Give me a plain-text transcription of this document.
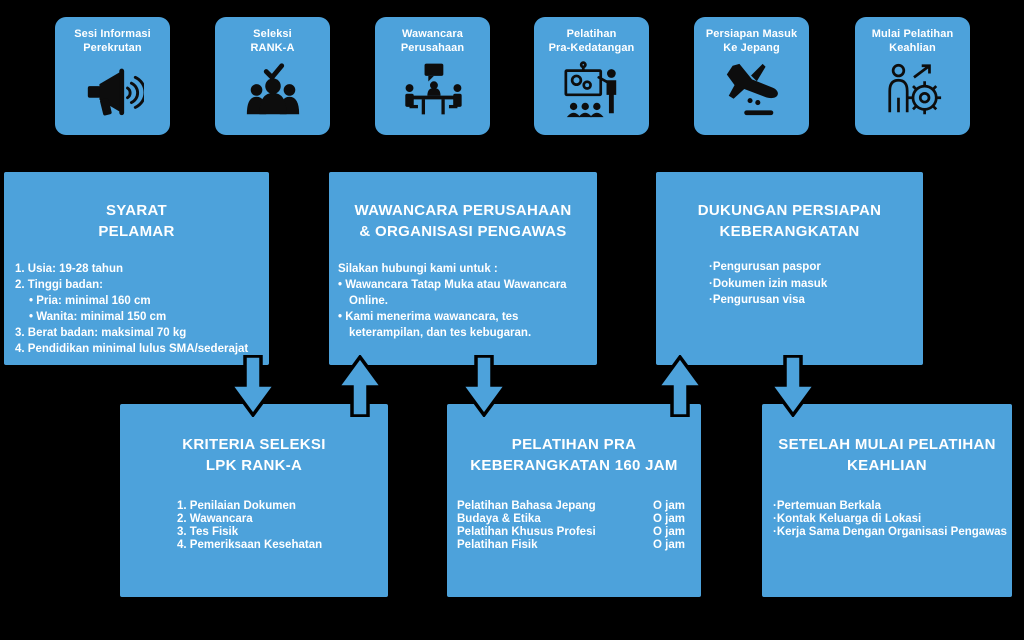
Sesi Informasi
Perekrutan
Seleksi
RANK-A
Wawancara
Perusahaan
Pelatihan
Pra-Kedatangan
Persiapan Masuk
Ke Jepang
Mulai Pelatihan
Keahlian
SYARAT
PELAMAR
1. Usia: 19-28 tahun
2. Tinggi badan:
• Pria: minimal 160 cm
• Wanita: minimal 150 cm
3. Berat badan: maksimal 70 kg
4. Pendidikan minimal lulus SMA/sederajat
WAWANCARA PERUSAHAAN
& ORGANISASI PENGAWAS
Silakan hubungi kami untuk :
• Wawancara Tatap Muka atau Wawancara Online.
• Kami menerima wawancara, tes keterampilan, dan tes kebugaran.
DUKUNGAN PERSIAPAN
KEBERANGKATAN
·Pengurusan paspor
·Dokumen izin masuk
·Pengurusan visa
KRITERIA SELEKSI
LPK RANK-A
1. Penilaian Dokumen
2. Wawancara
3. Tes Fisik
4. Pemeriksaan Kesehatan
PELATIHAN PRA
KEBERANGKATAN 160 JAM
Pelatihan Bahasa Jepang	O jam
Budaya & Etika	O jam
Pelatihan Khusus Profesi	O jam
Pelatihan Fisik	O jam
SETELAH MULAI PELATIHAN
KEAHLIAN
·Pertemuan Berkala
·Kontak Keluarga di Lokasi
·Kerja Sama Dengan Organisasi Pengawas
